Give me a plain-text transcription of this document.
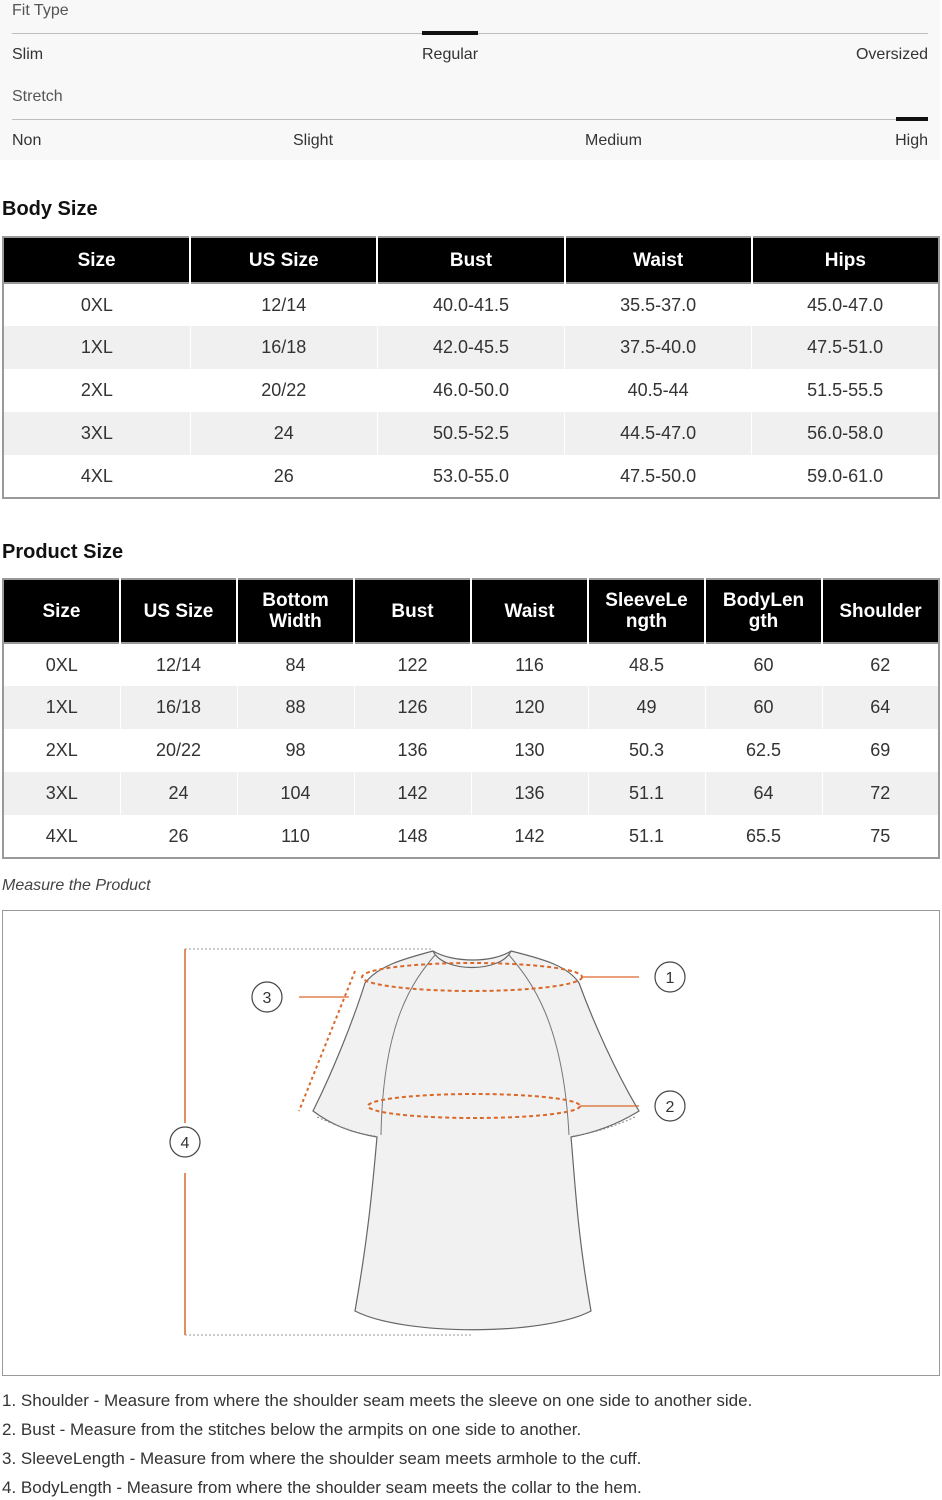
Fit Type
Slim	Regular	Oversized
Stretch
Non	Slight	Medium	High
Body Size
Size	US Size	Bust	Waist	Hips
0XL	12/14	40.0-41.5	35.5-37.0	45.0-47.0
1XL	16/18	42.0-45.5	37.5-40.0	47.5-51.0
2XL	20/22	46.0-50.0	40.5-44	51.5-55.5
3XL	24	50.5-52.5	44.5-47.0	56.0-58.0
4XL	26	53.0-55.0	47.5-50.0	59.0-61.0
Product Size
Size	US Size	Bottom Width	Bust	Waist	SleeveLe ngth	BodyLen gth	Shoulder
0XL	12/14	84	122	116	48.5	60	62
1XL	16/18	88	126	120	49	60	64
2XL	20/22	98	136	130	50.3	62.5	69
3XL	24	104	142	136	51.1	64	72
4XL	26	110	148	142	51.1	65.5	75
Measure the Product
1
2
3
4
1. Shoulder - Measure from where the shoulder seam meets the sleeve on one side to another side.
2. Bust - Measure from the stitches below the armpits on one side to another.
3. SleeveLength - Measure from where the shoulder seam meets armhole to the cuff.
4. BodyLength - Measure from where the shoulder seam meets the collar to the hem.
